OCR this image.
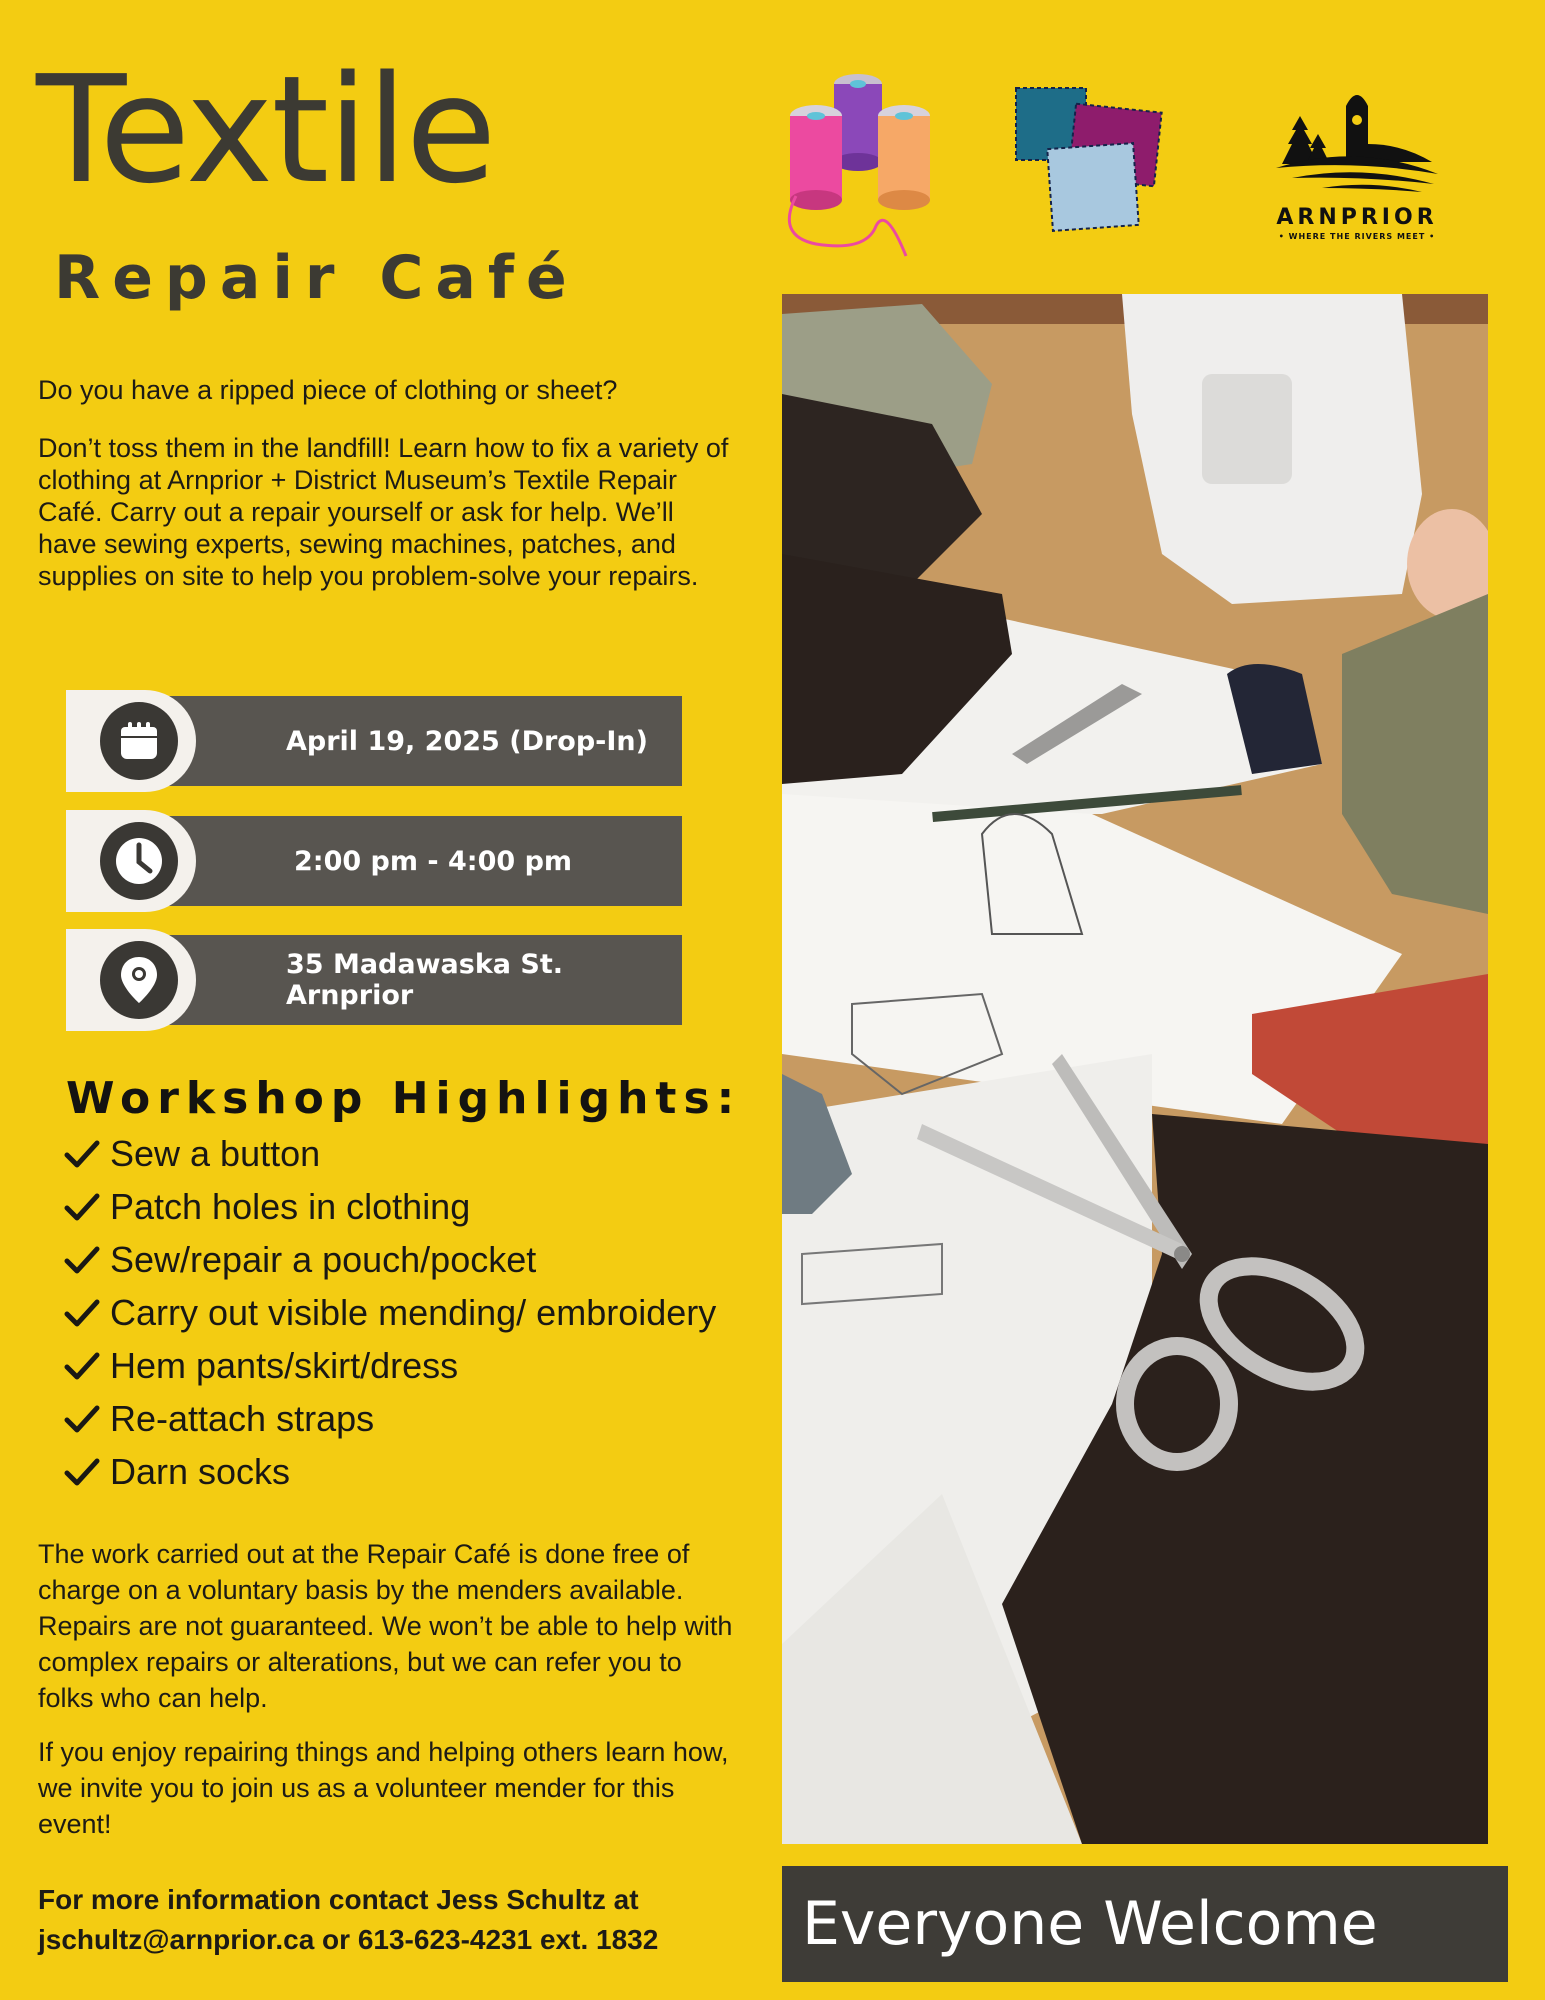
Textile
Repair Café
ARNPRIOR
• WHERE THE RIVERS MEET •

Do you have a ripped piece of clothing or sheet?

Don’t toss them in the landfill! Learn how to fix a variety of clothing at Arnprior + District Museum’s Textile Repair Café. Carry out a repair yourself or ask for help. We’ll have sewing experts, sewing machines, patches, and supplies on site to help you problem-solve your repairs.

April 19, 2025 (Drop-In)
2:00 pm - 4:00 pm
35 Madawaska St. Arnprior
Workshop Highlights:
Sew a button
Patch holes in clothing
Sew/repair a pouch/pocket
Carry out visible mending/ embroidery
Hem pants/skirt/dress
Re-attach straps
Darn socks

The work carried out at the Repair Café is done free of charge on a voluntary basis by the menders available. Repairs are not guaranteed. We won’t be able to help with complex repairs or alterations, but we can refer you to folks who can help.

If you enjoy repairing things and helping others learn how, we invite you to join us as a volunteer mender for this event!

For more information contact Jess Schultz at
jschultz@arnprior.ca or 613-623-4231 ext. 1832	Everyone Welcome
